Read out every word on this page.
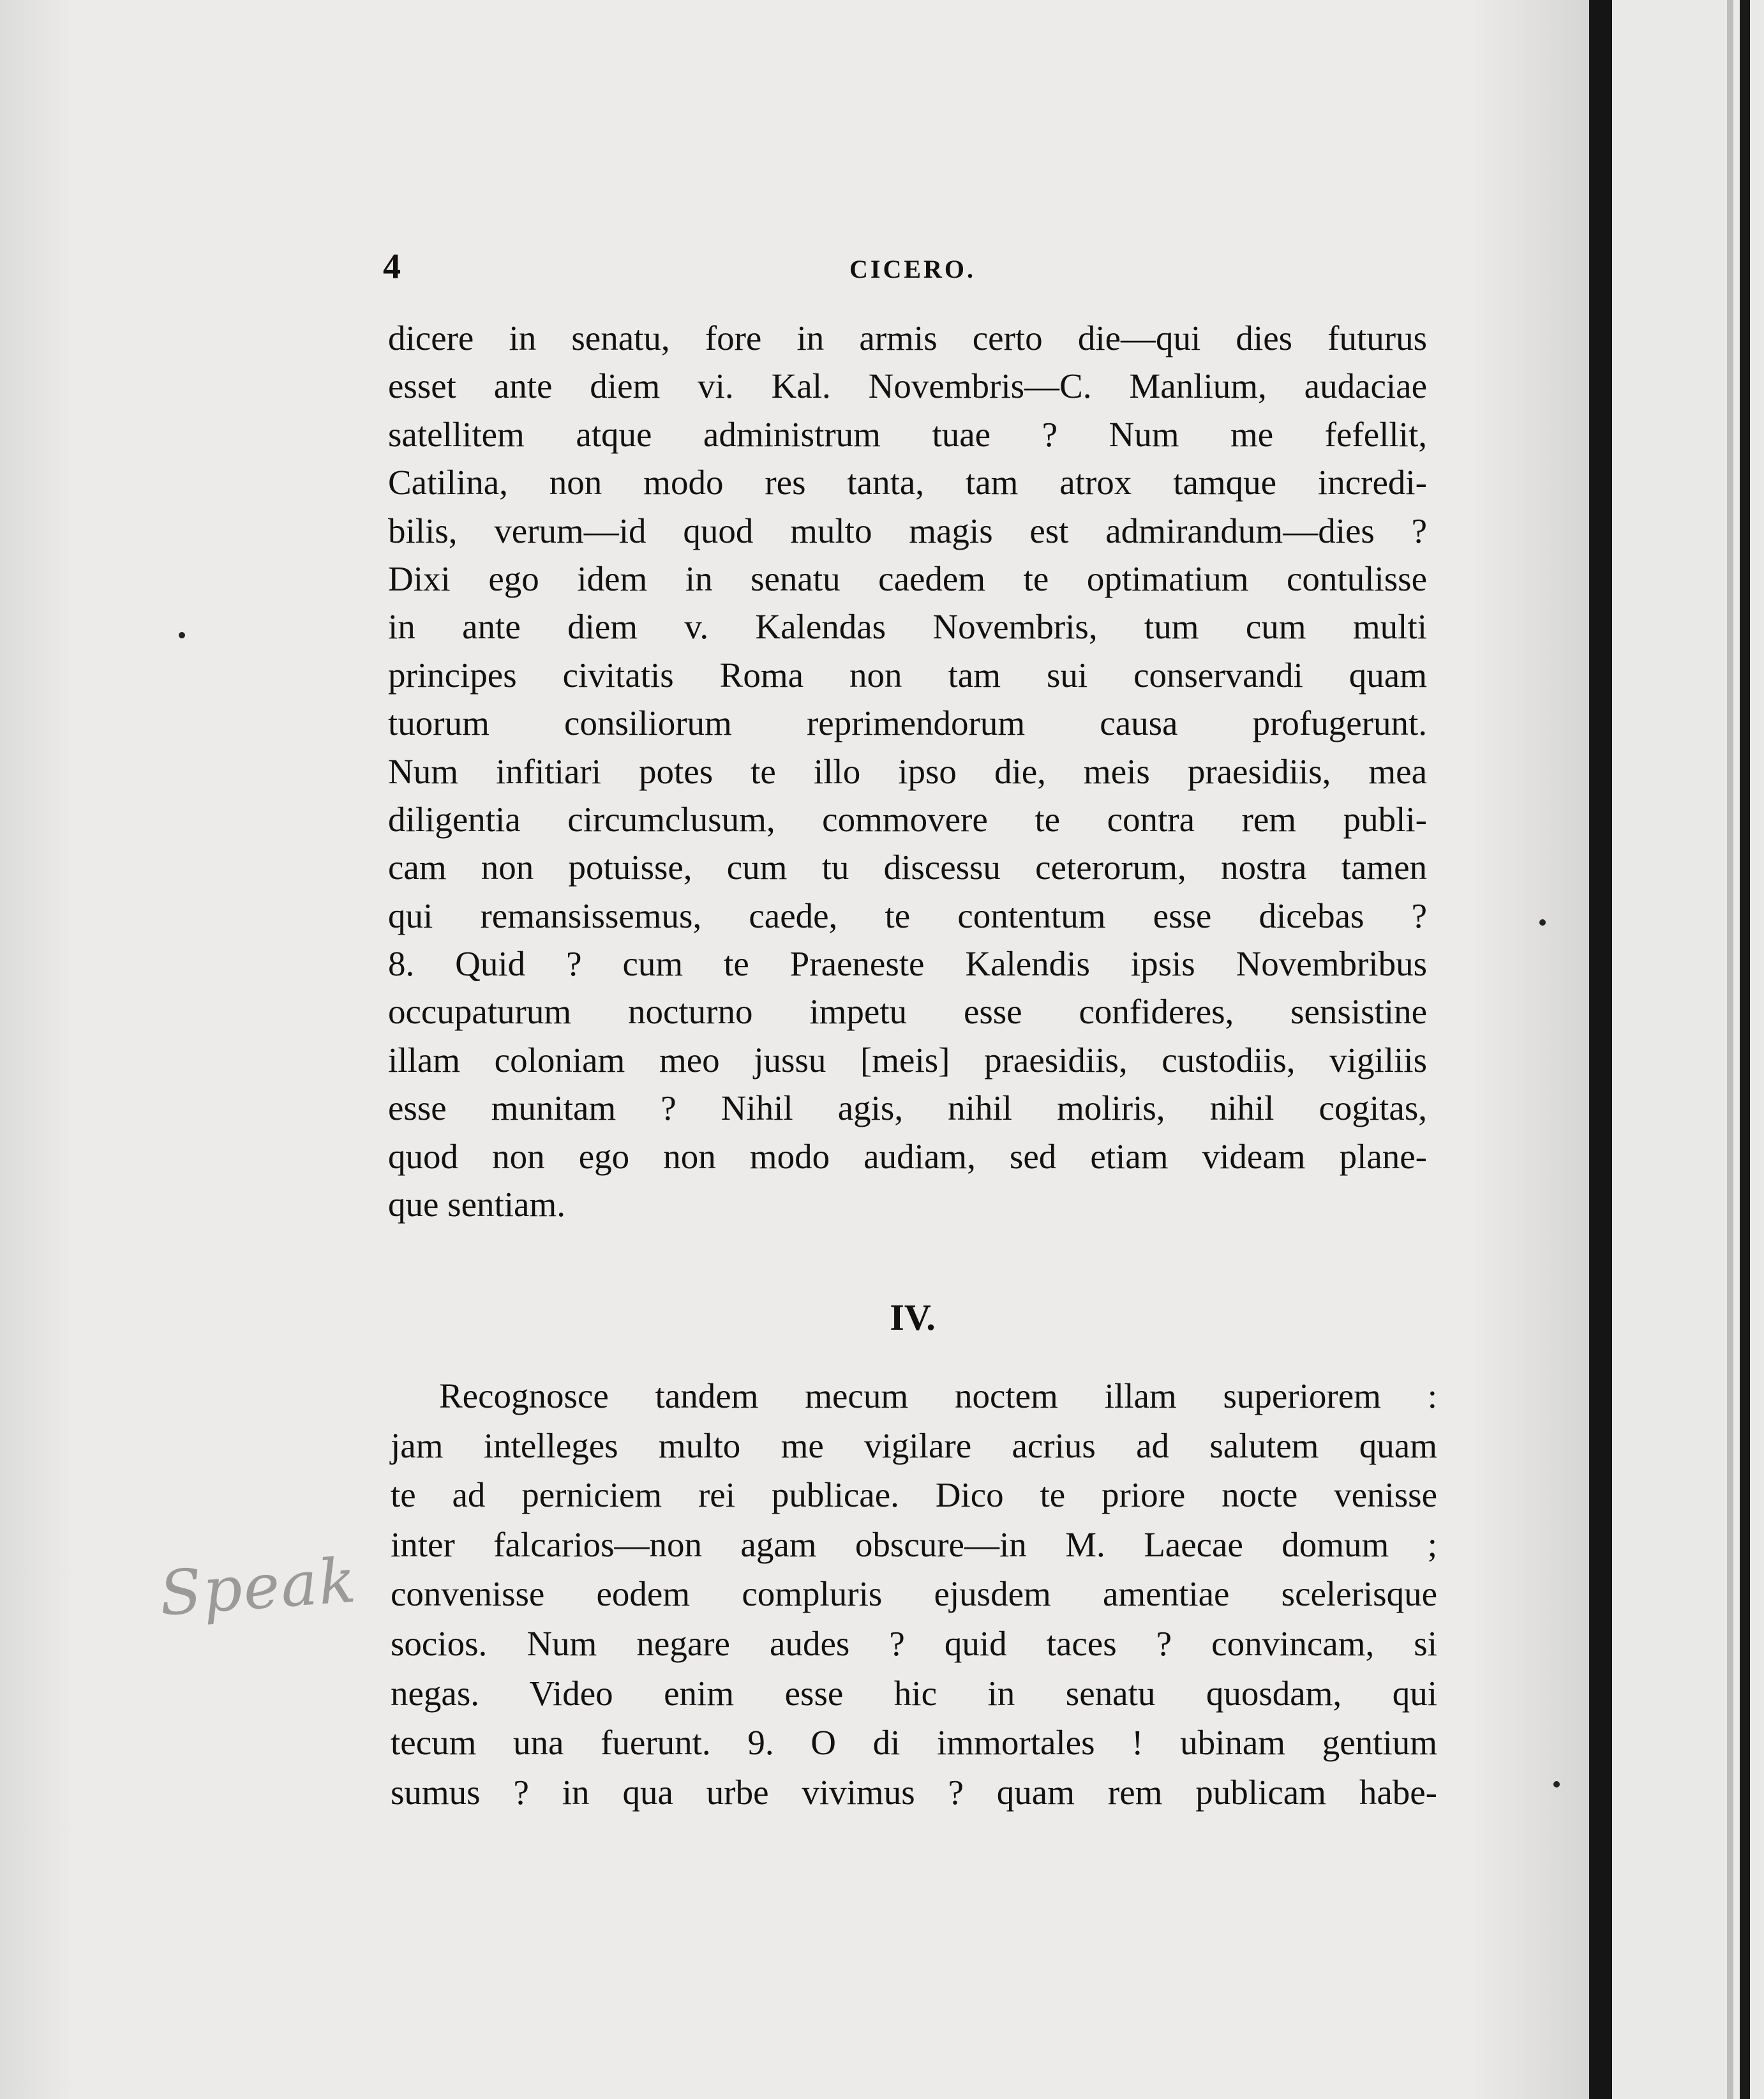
4	CICERO.
dicere in senatu, fore in armis certo die—qui dies futurus
esset ante diem vi. Kal. Novembris—C. Manlium, audaciae
satellitem atque administrum tuae ? Num me fefellit,
Catilina, non modo res tanta, tam atrox tamque incredi-
bilis, verum—id quod multo magis est admirandum—dies ?
Dixi ego idem in senatu caedem te optimatium contulisse
in ante diem v. Kalendas Novembris, tum cum multi
principes civitatis Roma non tam sui conservandi quam
tuorum consiliorum reprimendorum causa profugerunt.
Num infitiari potes te illo ipso die, meis praesidiis, mea
diligentia circumclusum, commovere te contra rem publi-
cam non potuisse, cum tu discessu ceterorum, nostra tamen
qui remansissemus, caede, te contentum esse dicebas ?
8. Quid ? cum te Praeneste Kalendis ipsis Novembribus
occupaturum nocturno impetu esse confideres, sensistine
illam coloniam meo jussu [meis] praesidiis, custodiis, vigiliis
esse munitam ? Nihil agis, nihil moliris, nihil cogitas,
quod non ego non modo audiam, sed etiam videam plane-
que sentiam.
IV.
Recognosce tandem mecum noctem illam superiorem :
jam intelleges multo me vigilare acrius ad salutem quam
te ad perniciem rei publicae. Dico te priore nocte venisse
inter falcarios—non agam obscure—in M. Laecae domum ;
convenisse eodem compluris ejusdem amentiae scelerisque
socios. Num negare audes ? quid taces ? convincam, si
negas. Video enim esse hic in senatu quosdam, qui
tecum una fuerunt. 9. O di immortales ! ubinam gentium
sumus ? in qua urbe vivimus ? quam rem publicam habe-
Speak
